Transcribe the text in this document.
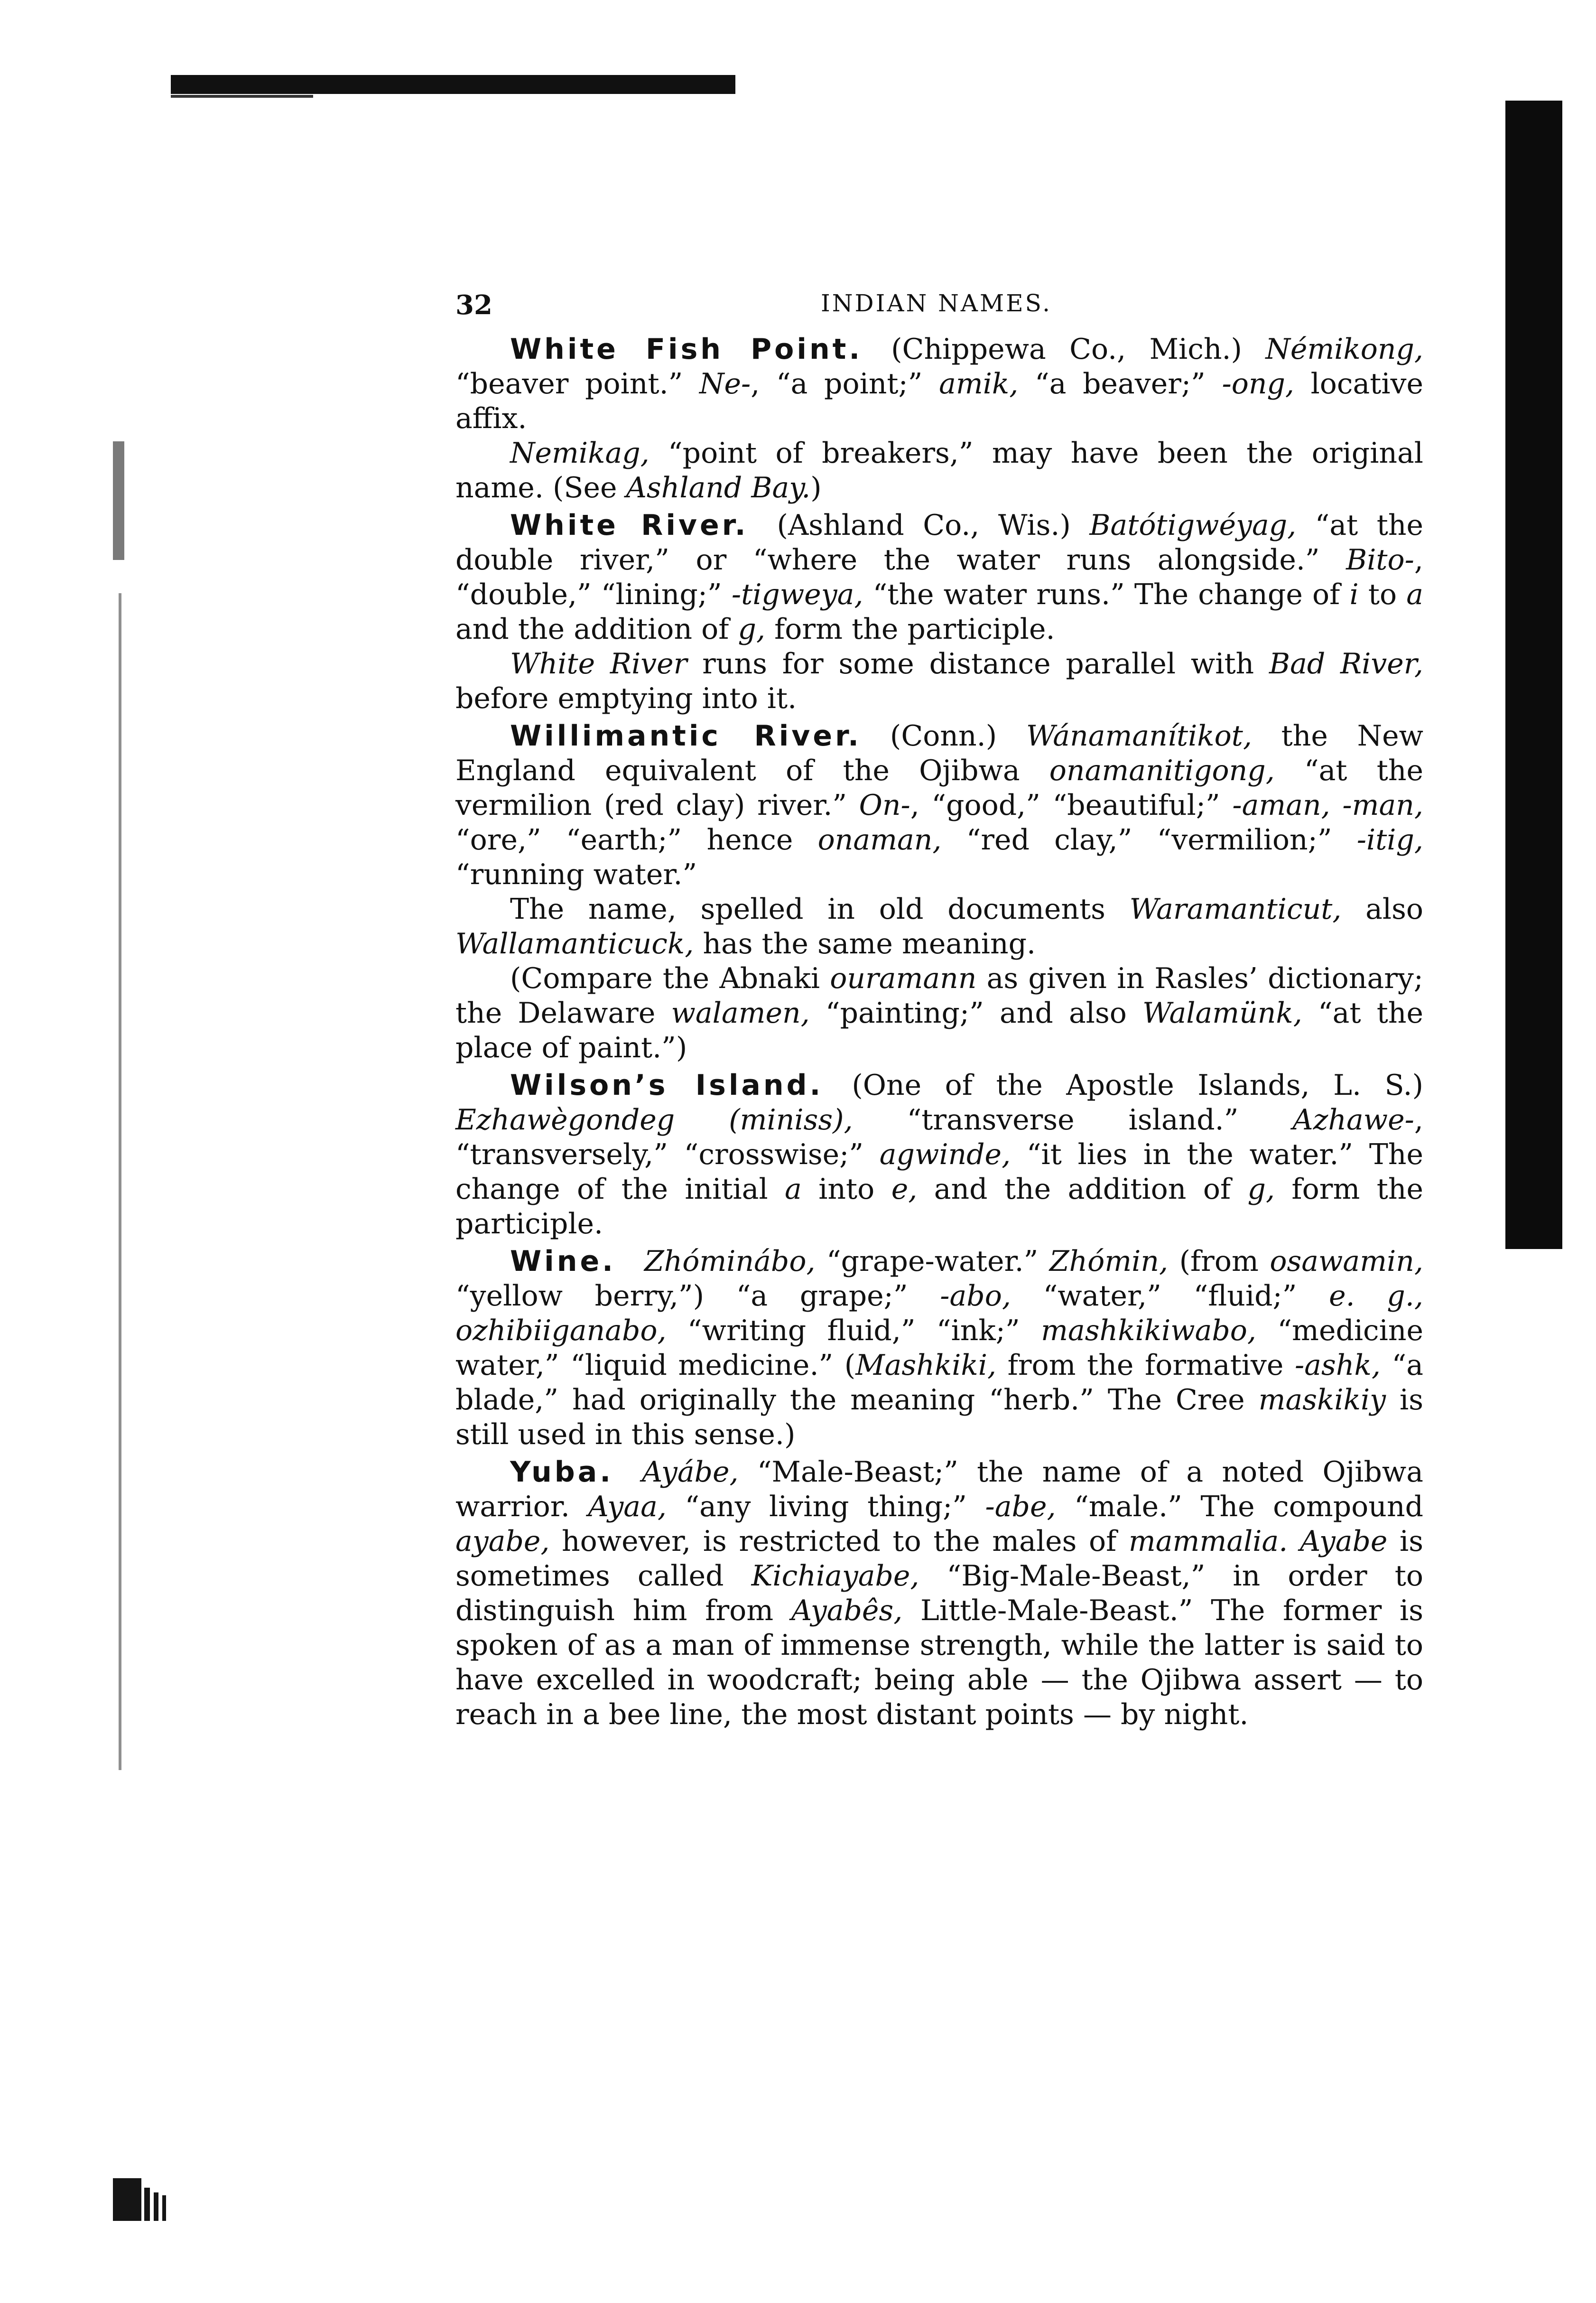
32	INDIAN NAMES.

White Fish Point.  (Chippewa Co., Mich.) Némikong, “beaver point.” Ne-, “a point;” amik, “a beaver;” -ong, locative affix.

Nemikag, “point of breakers,” may have been the original name. (See Ashland Bay.)

White River.  (Ashland Co., Wis.) Batótigwéyag, “at the double river,” or “where the water runs alongside.” Bito-, “double,” “lining;” -tigweya, “the water runs.” The change of i to a and the addition of g, form the participle.

White River runs for some distance parallel with Bad River, before emptying into it.

Willimantic River.  (Conn.) Wánamanítikot, the New England equivalent of the Ojibwa onamanitigong, “at the vermilion (red clay) river.” On-, “good,” “beautiful;” -aman, -man, “ore,” “earth;” hence onaman, “red clay,” “vermilion;” -itig, “running water.”

The name, spelled in old documents Waramanticut, also Wallamanticuck, has the same meaning.

(Compare the Abnaki ouramann as given in Rasles’ dictionary; the Delaware walamen, “painting;” and also Walamünk, “at the place of paint.”)

Wilson’s Island.  (One of the Apostle Islands, L. S.) Ezhawègondeg (miniss), “transverse island.” Azhawe-, “transversely,” “crosswise;” agwinde, “it lies in the water.” The change of the initial a into e, and the addition of g, form the participle.

Wine.  Zhóminábo, “grape-water.” Zhómin, (from osawamin, “yellow berry,”) “a grape;” -abo, “water,” “fluid;” e. g., ozhibiiganabo, “writing fluid,” “ink;” mashkikiwabo, “medicine water,” “liquid medicine.” (Mashkiki, from the formative -ashk, “a blade,” had originally the meaning “herb.” The Cree maskikiy is still used in this sense.)

Yuba.  Ayábe, “Male-Beast;” the name of a noted Ojibwa warrior. Ayaa, “any living thing;” -abe, “male.” The compound ayabe, however, is restricted to the males of mammalia. Ayabe is sometimes called Kichiayabe, “Big-Male-Beast,” in order to distinguish him from Ayabês, Little-Male-Beast.” The former is spoken of as a man of immense strength, while the latter is said to have excelled in woodcraft; being able — the Ojibwa assert — to reach in a bee line, the most distant points — by night.
